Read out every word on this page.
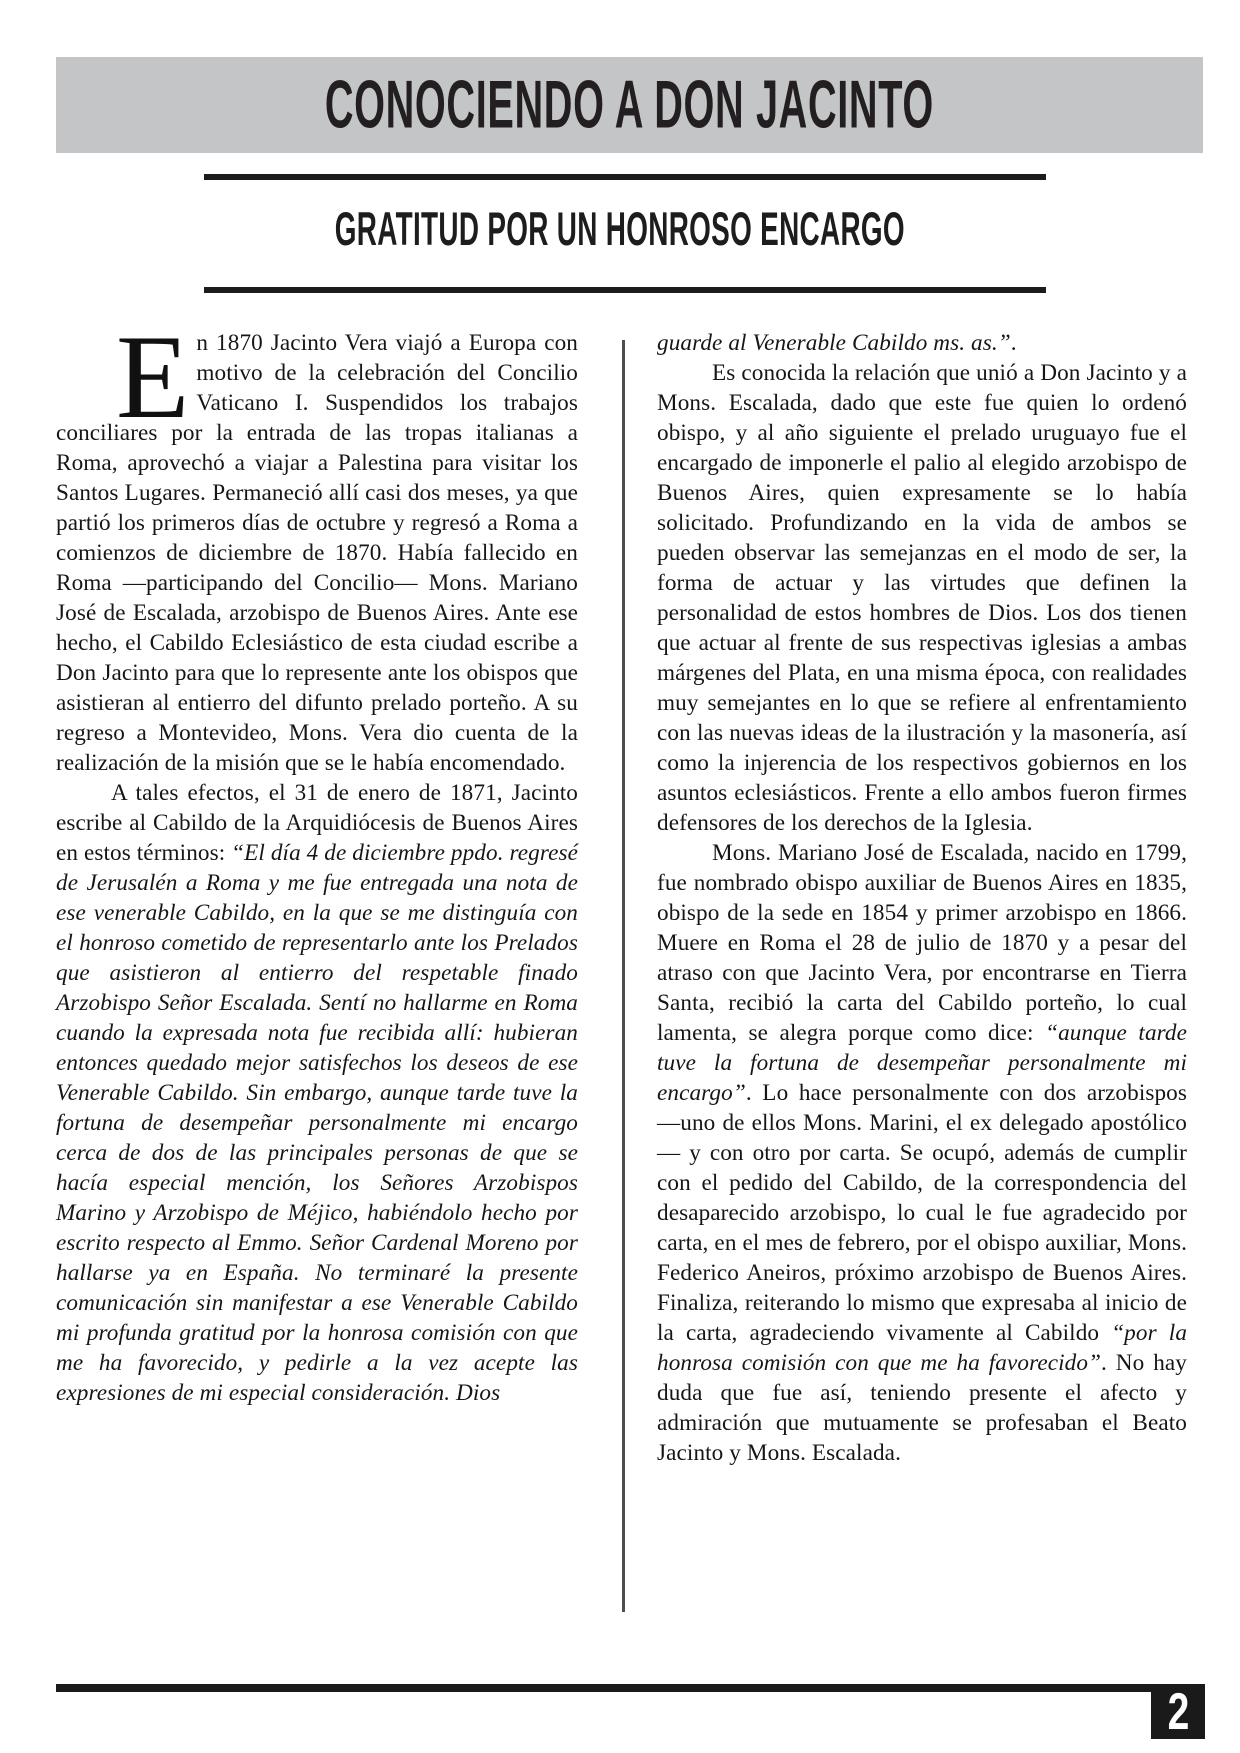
CONOCIENDO A DON JACINTO
GRATITUD POR UN HONROSO ENCARGO

En 1870 Jacinto Vera viajó a Europa con motivo de la celebración del Concilio Vaticano I. Suspendidos los trabajos conciliares por la entrada de las tropas italianas a Roma, aprovechó a viajar a Palestina para visitar los Santos Lugares. Permaneció allí casi dos meses, ya que partió los primeros días de octubre y regresó a Roma a comienzos de diciembre de 1870. Había fallecido en Roma —participando del Concilio— Mons. Mariano José de Escalada, arzobispo de Buenos Aires. Ante ese hecho, el Cabildo Eclesiástico de esta ciudad escribe a Don Jacinto para que lo represente ante los obispos que asistieran al entierro del difunto prelado porteño. A su regreso a Montevideo, Mons. Vera dio cuenta de la realización de la misión que se le había encomendado.

A tales efectos, el 31 de enero de 1871, Jacinto escribe al Cabildo de la Arquidiócesis de Buenos Aires en estos términos: “El día 4 de diciembre ppdo. regresé de Jerusalén a Roma y me fue entregada una nota de ese venerable Cabildo, en la que se me distinguía con el honroso cometido de representarlo ante los Prelados que asistieron al entierro del respetable finado Arzobispo Señor Escalada. Sentí no hallarme en Roma cuando la expresada nota fue recibida allí: hubieran entonces quedado mejor satisfechos los deseos de ese Venerable Cabildo. Sin embargo, aunque tarde tuve la fortuna de desempeñar personalmente mi encargo cerca de dos de las principales personas de que se hacía especial mención, los Señores Arzobispos Marino y Arzobispo de Méjico, habiéndolo hecho por escrito respecto al Emmo. Señor Cardenal Moreno por hallarse ya en España. No terminaré la presente comunicación sin manifestar a ese Venerable Cabildo mi profunda gratitud por la honrosa comisión con que me ha favorecido, y pedirle a la vez acepte las expresiones de mi especial consideración. Dios

guarde al Venerable Cabildo ms. as.”.

Es conocida la relación que unió a Don Jacinto y a Mons. Escalada, dado que este fue quien lo ordenó obispo, y al año siguiente el prelado uruguayo fue el encargado de imponerle el palio al elegido arzobispo de Buenos Aires, quien expresamente se lo había solicitado. Profundizando en la vida de ambos se pueden observar las semejanzas en el modo de ser, la forma de actuar y las virtudes que definen la personalidad de estos hombres de Dios. Los dos tienen que actuar al frente de sus respectivas iglesias a ambas márgenes del Plata, en una misma época, con realidades muy semejantes en lo que se refiere al enfrentamiento con las nuevas ideas de la ilustración y la masonería, así como la injerencia de los respectivos gobiernos en los asuntos eclesiásticos. Frente a ello ambos fueron firmes defensores de los derechos de la Iglesia.

Mons. Mariano José de Escalada, nacido en 1799, fue nombrado obispo auxiliar de Buenos Aires en 1835, obispo de la sede en 1854 y primer arzobispo en 1866. Muere en Roma el 28 de julio de 1870 y a pesar del atraso con que Jacinto Vera, por encontrarse en Tierra Santa, recibió la carta del Cabildo porteño, lo cual lamenta, se alegra porque como dice: “aunque tarde tuve la fortuna de desempeñar personalmente mi encargo”. Lo hace personalmente con dos arzobispos —uno de ellos Mons. Marini, el ex delegado apostólico— y con otro por carta. Se ocupó, además de cumplir con el pedido del Cabildo, de la correspondencia del desaparecido arzobispo, lo cual le fue agradecido por carta, en el mes de febrero, por el obispo auxiliar, Mons. Federico Aneiros, próximo arzobispo de Buenos Aires. Finaliza, reiterando lo mismo que expresaba al inicio de la carta, agradeciendo vivamente al Cabildo “por la honrosa comisión con que me ha favorecido”. No hay duda que fue así, teniendo presente el afecto y admiración que mutuamente se profesaban el Beato Jacinto y Mons. Escalada.

2
